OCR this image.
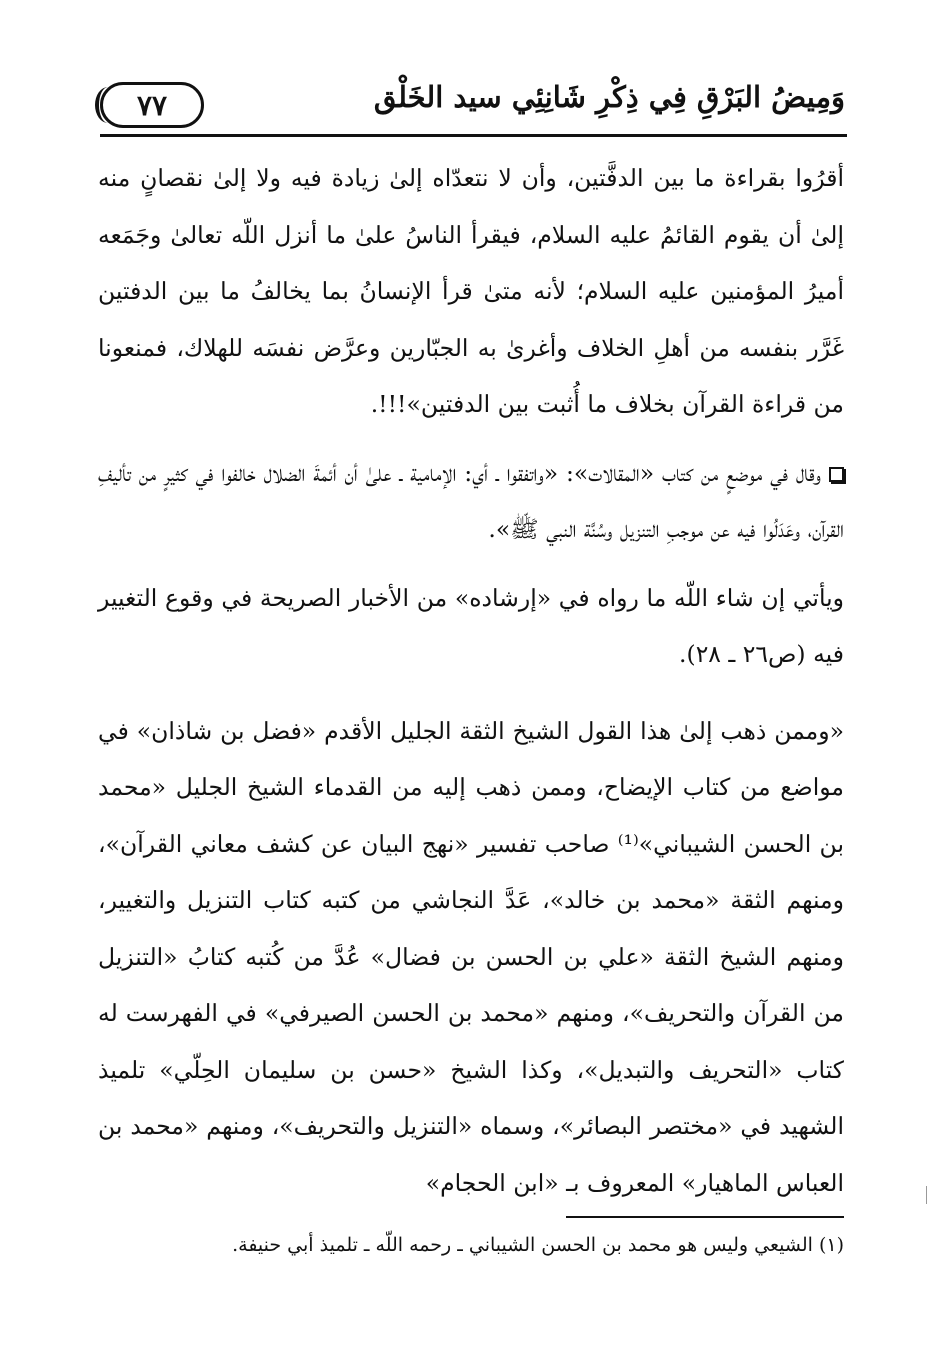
٧٧	وَمِيضُ البَرْقِ فِي ذِكْرِ شَانِئِي سيد الخَلْق

أقرُوا بقراءة ما بين الدفَّتين، وأن لا نتعدّاه إلىٰ زيادة فيه ولا إلىٰ نقصانٍ منه إلىٰ أن يقوم القائمُ عليه السلام، فيقرأ الناسُ علىٰ ما أنزل اللّه تعالىٰ وجَمَعه أميرُ المؤمنين عليه السلام؛ لأنه متىٰ قرأ الإنسانُ بما يخالفُ ما بين الدفتين غَرَّر بنفسه من أهلِ الخلاف وأغرىٰ به الجبّارين وعرَّض نفسَه للهلاك، فمنعونا من قراءة القرآن بخلاف ما أُثبت بين الدفتين»!!!.

وقال في موضعٍ من كتاب «المقالات»: «واتفقوا ـ أي: الإمامية ـ علىٰ أن أئمةَ الضلال خالفوا في كثيرٍ من تأليفِ القرآن، وعَدَلُوا فيه عن موجبِ التنزيل وسُنَّة النبي ﷺ».

ويأتي إن شاء اللّه ما رواه في «إرشاده» من الأخبار الصريحة في وقوع التغيير فيه (ص٢٦ ـ ٢٨).

«وممن ذهب إلىٰ هذا القول الشيخ الثقة الجليل الأقدم «فضل بن شاذان» في مواضع من كتاب الإيضاح، وممن ذهب إليه من القدماء الشيخ الجليل «محمد بن الحسن الشيباني»⁽¹⁾ صاحب تفسير «نهج البيان عن كشف معاني القرآن»، ومنهم الثقة «محمد بن خالد»، عَدَّ النجاشي من كتبه كتاب التنزيل والتغيير، ومنهم الشيخ الثقة «علي بن الحسن بن فضال» عُدَّ من كُتبه كتابُ «التنزيل من القرآن والتحريف»، ومنهم «محمد بن الحسن الصيرفي» في الفهرست له كتاب «التحريف والتبديل»، وكذا الشيخ «حسن بن سليمان الحِلّي» تلميذ الشهيد في «مختصر البصائر»، وسماه «التنزيل والتحريف»، ومنهم «محمد بن العباس الماهيار» المعروف بـ «ابن الحجام»

(١) الشيعي وليس هو محمد بن الحسن الشيباني ـ رحمه اللّه ـ تلميذ أبي حنيفة.
